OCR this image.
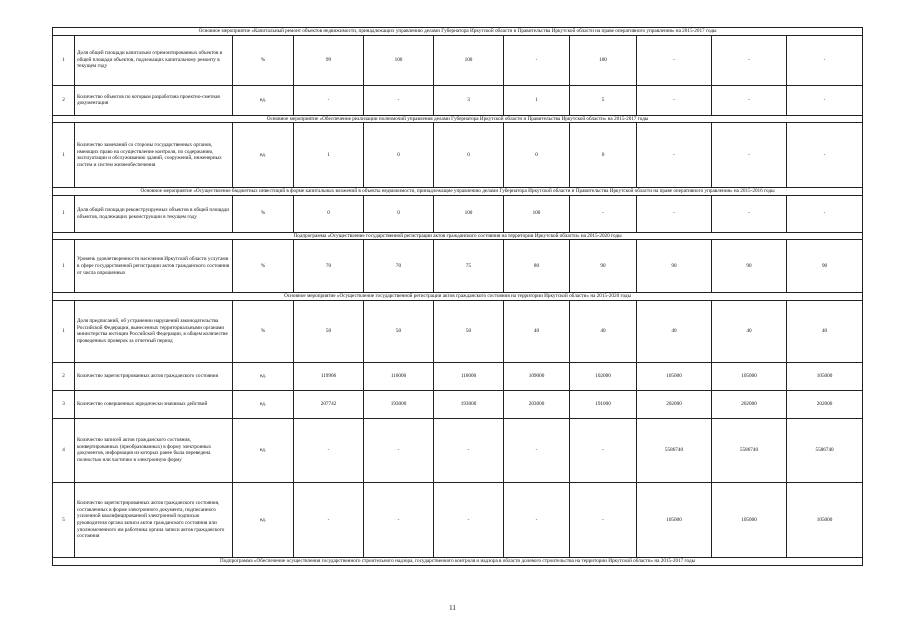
Основное мероприятие «Капитальный ремонт объектов недвижимости, принадлежащих управлению делами Губернатора Иркутской области и Правительства Иркутской области на праве оперативного управления» на 2015-2017 годы										
1	Доля общей площади капитально отремонтированных объектов в общей площади объектов, подлежащих капитальному ремонту в текущем году	%	99	100	100	-	100	-	-	-
2	Количество объектов по которым разработана проектно-сметная документация	ед.	-	-	3	1	5	-	-	-
Основное мероприятие «Обеспечение реализации полномочий управления делами Губернатора Иркутской области и Правительства Иркутской области» на 2015-2017 годы										
1	Количество замечаний со стороны государственных органов, имеющих право на осуществление контроля, по содержанию, эксплуатации и обслуживанию зданий, сооружений, инженерных систем и систем жизнеобеспечения	ед.	1	0	0	0	0	-	-	-
Основное мероприятие «Осуществление бюджетных инвестиций в форме капитальных вложений в объекты недвижимости, принадлежащие управлению делами Губернатора Иркутской области и Правительства Иркутской области на праве оперативного управления» на 2015-2016 годы										
1	Доля общей площади реконструируемых объектов в общей площади объектов, подлежащих реконструкции в текущем году	%	0	0	100	100	-	-	-	-
Подпрограмма «Осуществление государственной регистрации актов гражданского состояния на территории Иркутской области» на 2015-2020 годы										
1	Уровень удовлетворенности населения Иркутской области услугами в сфере государственной регистрации актов гражданского состояния от числа опрошенных	%	70	70	75	80	90	90	90	90
Основное мероприятие «Осуществление государственной регистрации актов гражданского состояния на территории Иркутской области» на 2015-2020 годы										
1	Доля предписаний, об устранении нарушений законодательства Российской Федерации, вынесенных территориальными органами министерства юстиции Российской Федерации, в общем количестве проведенных проверок за отчетный период	%	50	50	50	40	40	40	40	40
2	Количество зарегистрированных актов гражданского состояния	ед.	119906	116000	116000	109000	102000	105000	105000	105000
3	Количество совершенных юридически значимых действий	ед.	207742	193000	193000	203000	191000	202000	202000	202000
4	Количество записей актов гражданского состояния, конвертированных (преобразованных) в форму электронных документов, информация из которых ранее была переведена полностью или частично в электронную форму	ед.	-	-	-	-	-	5586740	5586740	5586740
5	Количество зарегистрированных актов гражданского состояния, составленных в форме электронного документа, подписанного усиленной квалифицированной электронной подписью руководителя органа записи актов гражданского состояния или уполномоченного им работника органа записи актов гражданского состояния	ед.	-	-	-	-	-	105000	105000	105000
Подпрограмма «Обеспечение осуществления государственного строительного надзора, государственного контроля и надзора в области долевого строительства на территории Иркутской области» на 2015-2017 годы										
11
